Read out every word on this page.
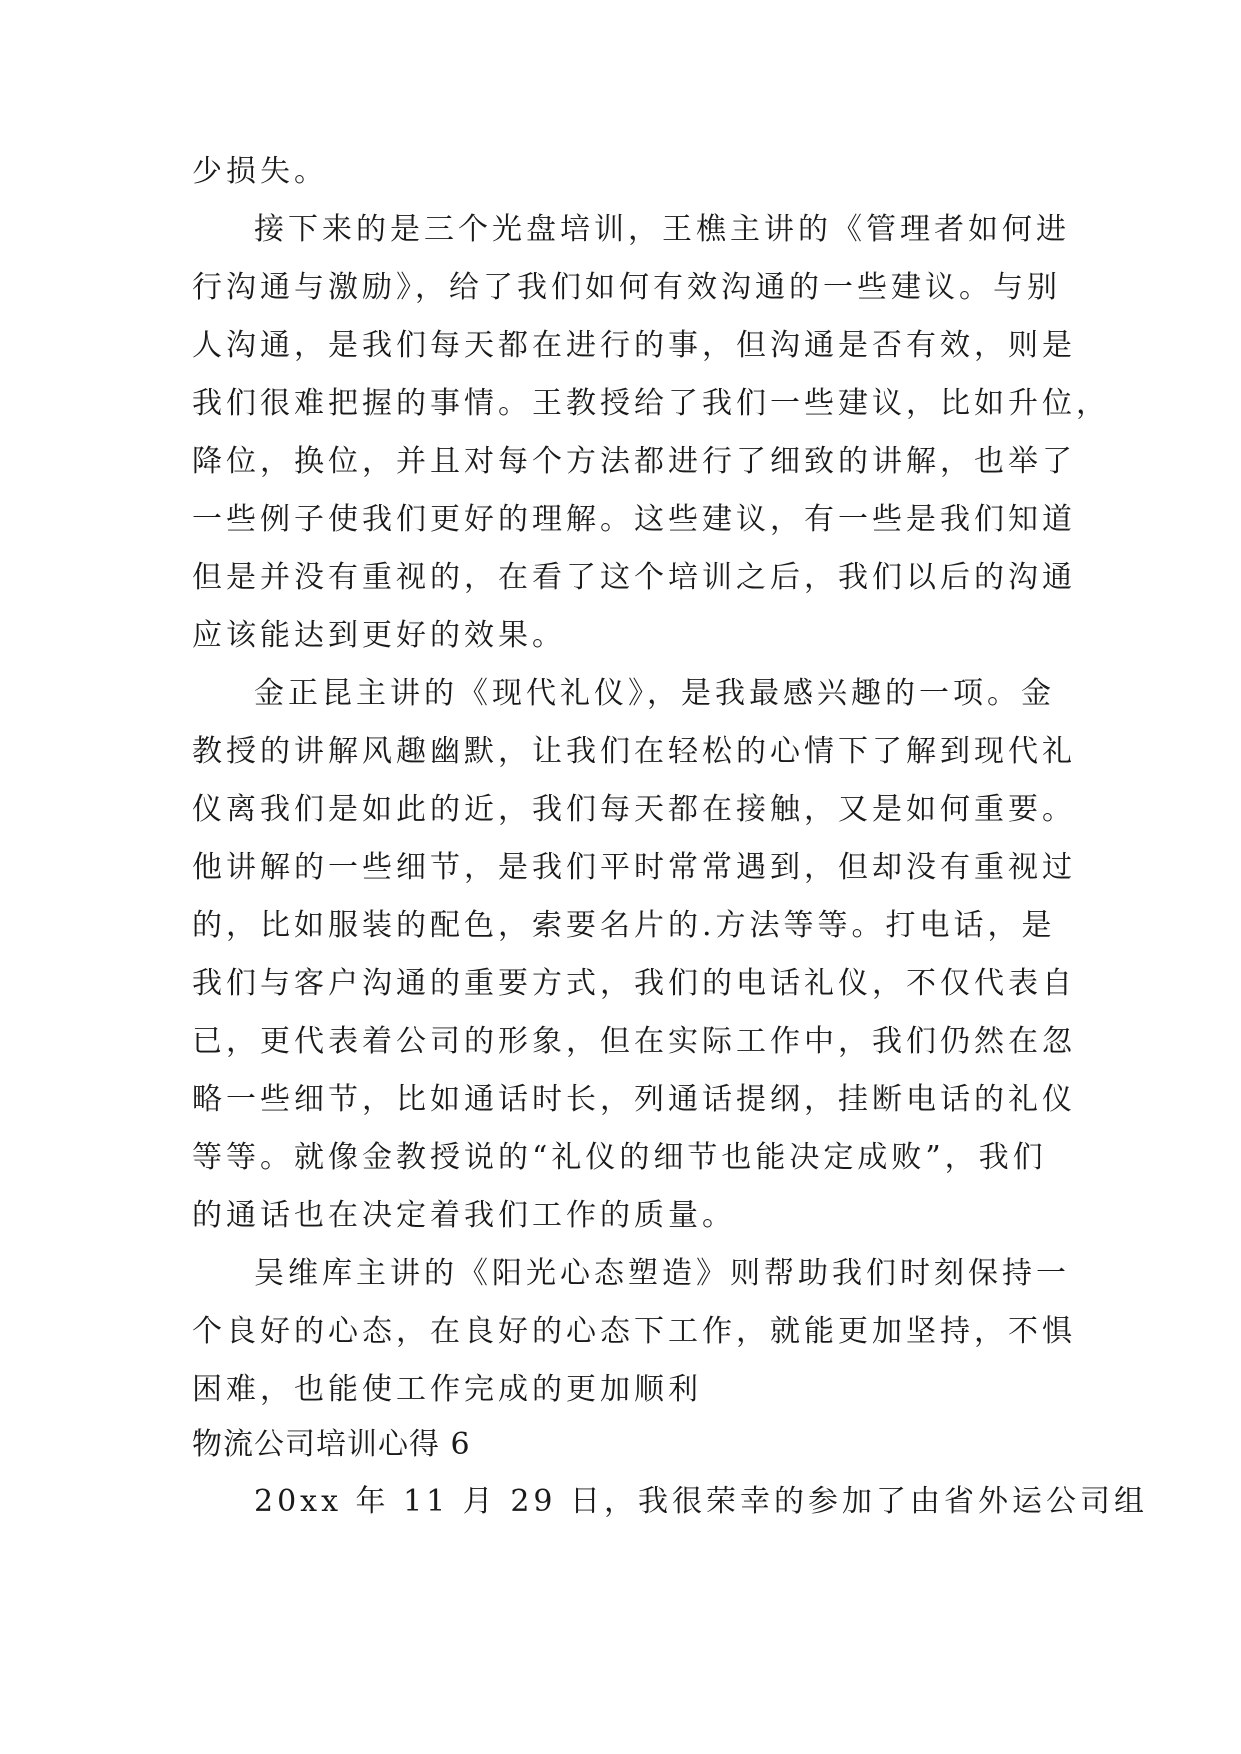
少损失。
接下来的是三个光盘培训，王樵主讲的《管理者如何进
行沟通与激励》，给了我们如何有效沟通的一些建议。与别
人沟通，是我们每天都在进行的事，但沟通是否有效，则是
我们很难把握的事情。王教授给了我们一些建议，比如升位，
降位，换位，并且对每个方法都进行了细致的讲解，也举了
一些例子使我们更好的理解。这些建议，有一些是我们知道
但是并没有重视的，在看了这个培训之后，我们以后的沟通
应该能达到更好的效果。
金正昆主讲的《现代礼仪》，是我最感兴趣的一项。金
教授的讲解风趣幽默，让我们在轻松的心情下了解到现代礼
仪离我们是如此的近，我们每天都在接触，又是如何重要。
他讲解的一些细节，是我们平时常常遇到，但却没有重视过
的，比如服装的配色，索要名片的.方法等等。打电话，是
我们与客户沟通的重要方式，我们的电话礼仪，不仅代表自
已，更代表着公司的形象，但在实际工作中，我们仍然在忽
略一些细节，比如通话时长，列通话提纲，挂断电话的礼仪
等等。就像金教授说的“礼仪的细节也能决定成败”，我们
的通话也在决定着我们工作的质量。
吴维库主讲的《阳光心态塑造》则帮助我们时刻保持一
个良好的心态，在良好的心态下工作，就能更加坚持，不惧
困难，也能使工作完成的更加顺利
物流公司培训心得 6
20xx 年 11 月 29 日，我很荣幸的参加了由省外运公司组
